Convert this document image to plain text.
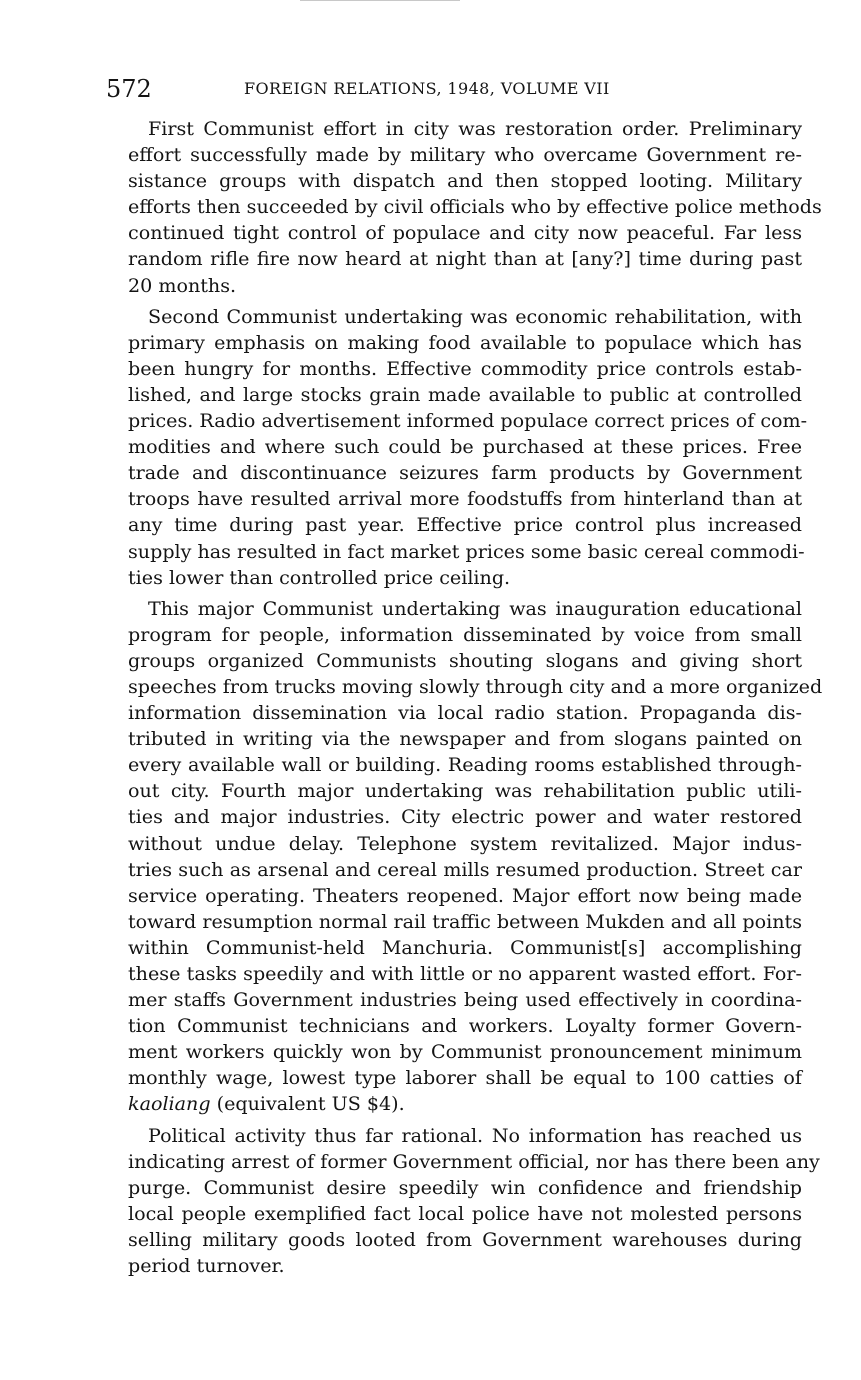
572	FOREIGN RELATIONS, 1948, VOLUME VII

First Communist effort in city was restoration order. Preliminary
effort successfully made by military who overcame Government re-
sistance groups with dispatch and then stopped looting. Military
efforts then succeeded by civil officials who by effective police methods
continued tight control of populace and city now peaceful. Far less
random rifle fire now heard at night than at [any?] time during past
20 months.

Second Communist undertaking was economic rehabilitation, with
primary emphasis on making food available to populace which has
been hungry for months. Effective commodity price controls estab-
lished, and large stocks grain made available to public at controlled
prices. Radio advertisement informed populace correct prices of com-
modities and where such could be purchased at these prices. Free
trade and discontinuance seizures farm products by Government
troops have resulted arrival more foodstuffs from hinterland than at
any time during past year. Effective price control plus increased
supply has resulted in fact market prices some basic cereal commodi-
ties lower than controlled price ceiling.

This major Communist undertaking was inauguration educational
program for people, information disseminated by voice from small
groups organized Communists shouting slogans and giving short
speeches from trucks moving slowly through city and a more organized
information dissemination via local radio station. Propaganda dis-
tributed in writing via the newspaper and from slogans painted on
every available wall or building. Reading rooms established through-
out city. Fourth major undertaking was rehabilitation public utili-
ties and major industries. City electric power and water restored
without undue delay. Telephone system revitalized. Major indus-
tries such as arsenal and cereal mills resumed production. Street car
service operating. Theaters reopened. Major effort now being made
toward resumption normal rail traffic between Mukden and all points
within Communist-held Manchuria. Communist[s] accomplishing
these tasks speedily and with little or no apparent wasted effort. For-
mer staffs Government industries being used effectively in coordina-
tion Communist technicians and workers. Loyalty former Govern-
ment workers quickly won by Communist pronouncement minimum
monthly wage, lowest type laborer shall be equal to 100 catties of
kaoliang (equivalent US $4).

Political activity thus far rational. No information has reached us
indicating arrest of former Government official, nor has there been any
purge. Communist desire speedily win confidence and friendship
local people exemplified fact local police have not molested persons
selling military goods looted from Government warehouses during
period turnover.
